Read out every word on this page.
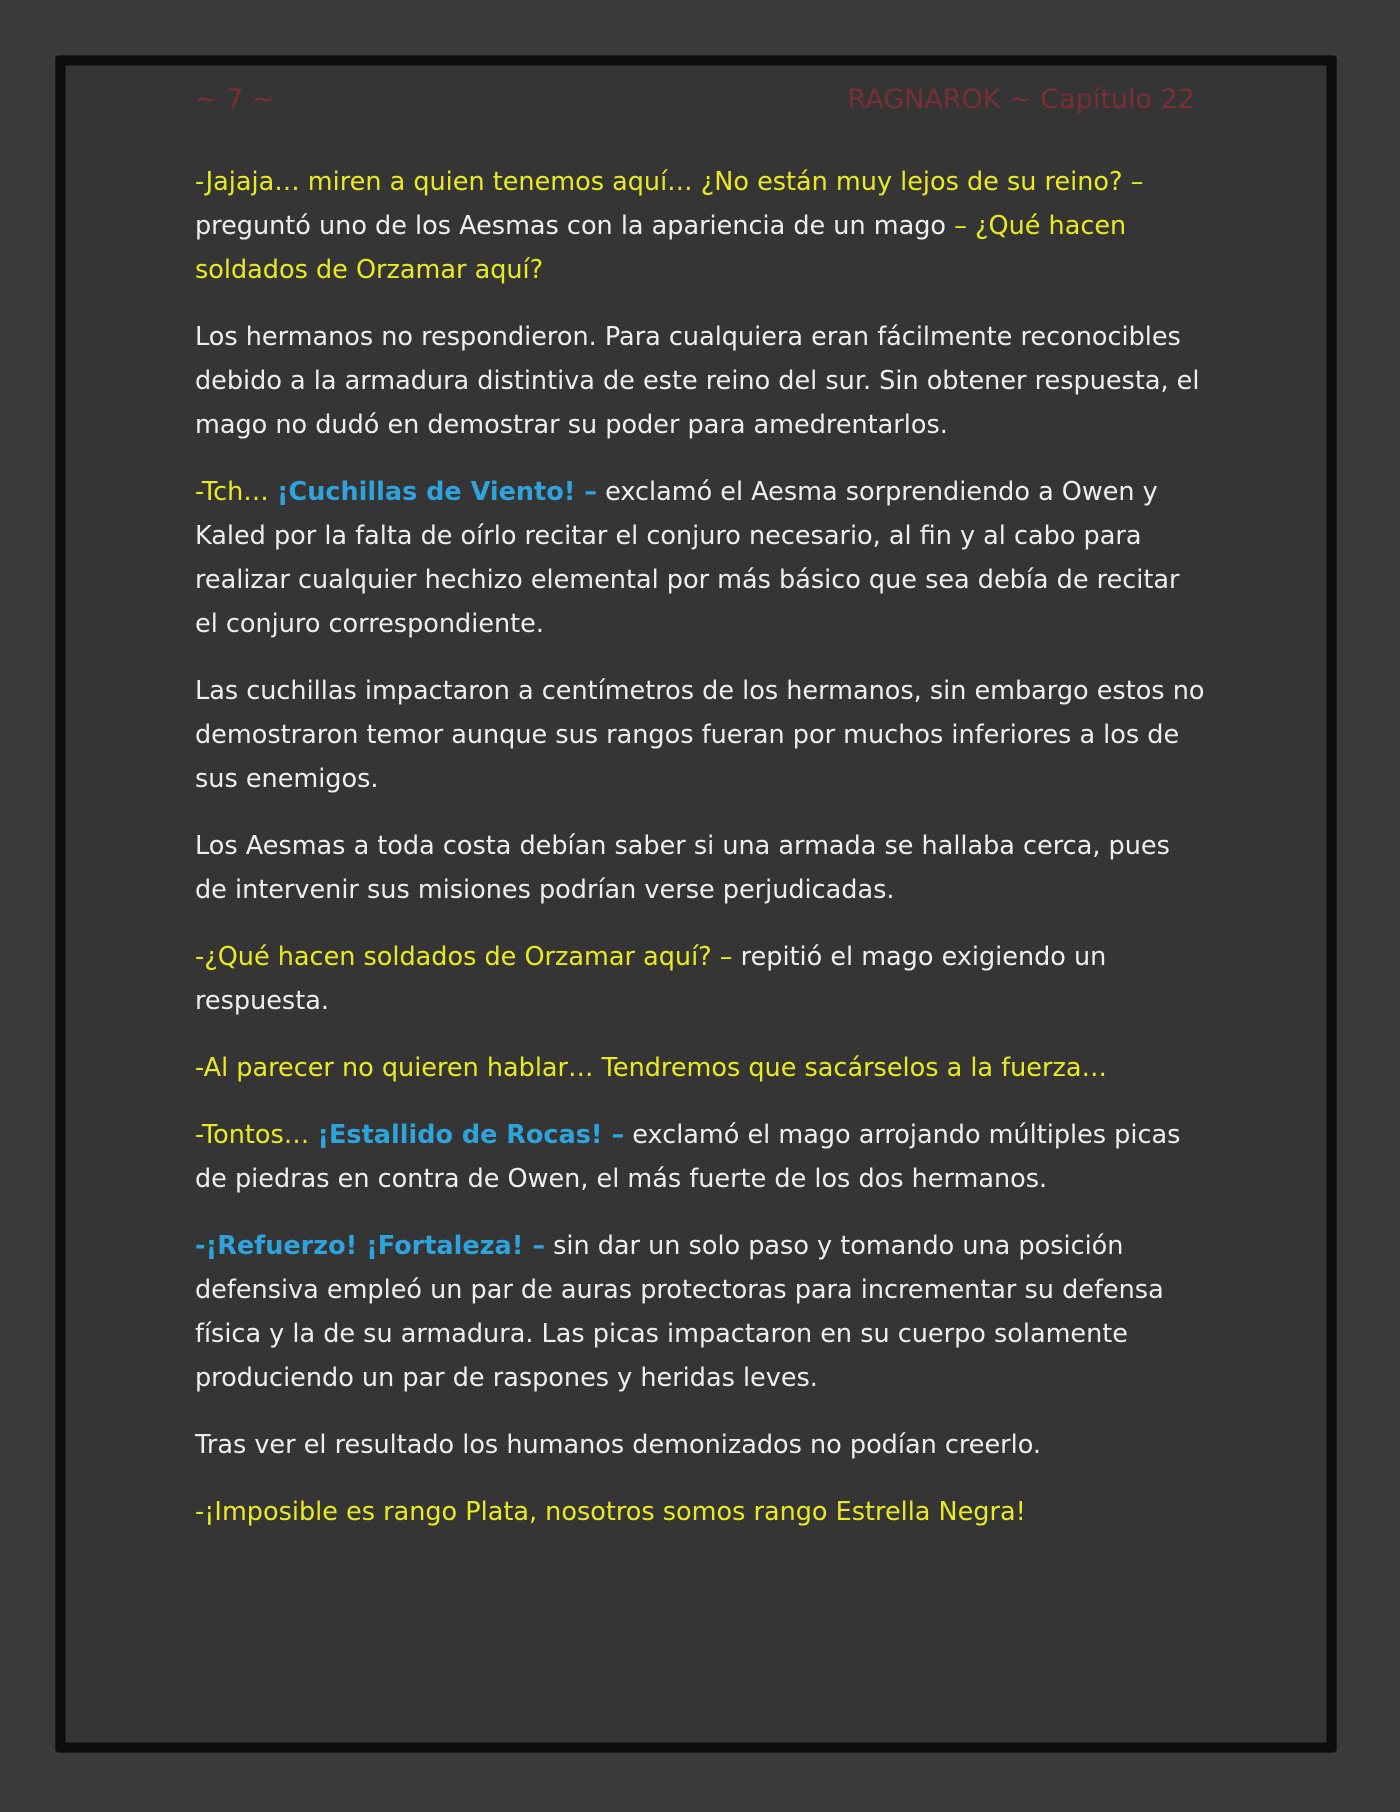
~ 7 ~	RAGNAROK ~ Capítulo 22

-Jajaja… miren a quien tenemos aquí… ¿No están muy lejos de su reino? – preguntó uno de los Aesmas con la apariencia de un mago – ¿Qué hacen soldados de Orzamar aquí?

Los hermanos no respondieron. Para cualquiera eran fácilmente reconocibles debido a la armadura distintiva de este reino del sur. Sin obtener respuesta, el mago no dudó en demostrar su poder para amedrentarlos.

-Tch… ¡Cuchillas de Viento! – exclamó el Aesma sorprendiendo a Owen y Kaled por la falta de oírlo recitar el conjuro necesario, al fin y al cabo para realizar cualquier hechizo elemental por más básico que sea debía de recitar el conjuro correspondiente.

Las cuchillas impactaron a centímetros de los hermanos, sin embargo estos no demostraron temor aunque sus rangos fueran por muchos inferiores a los de sus enemigos.

Los Aesmas a toda costa debían saber si una armada se hallaba cerca, pues de intervenir sus misiones podrían verse perjudicadas.

-¿Qué hacen soldados de Orzamar aquí? – repitió el mago exigiendo un respuesta.

-Al parecer no quieren hablar… Tendremos que sacárselos a la fuerza…

-Tontos… ¡Estallido de Rocas! – exclamó el mago arrojando múltiples picas de piedras en contra de Owen, el más fuerte de los dos hermanos.

-¡Refuerzo! ¡Fortaleza! – sin dar un solo paso y tomando una posición defensiva empleó un par de auras protectoras para incrementar su defensa física y la de su armadura. Las picas impactaron en su cuerpo solamente produciendo un par de raspones y heridas leves.

Tras ver el resultado los humanos demonizados no podían creerlo.

-¡Imposible es rango Plata, nosotros somos rango Estrella Negra!
